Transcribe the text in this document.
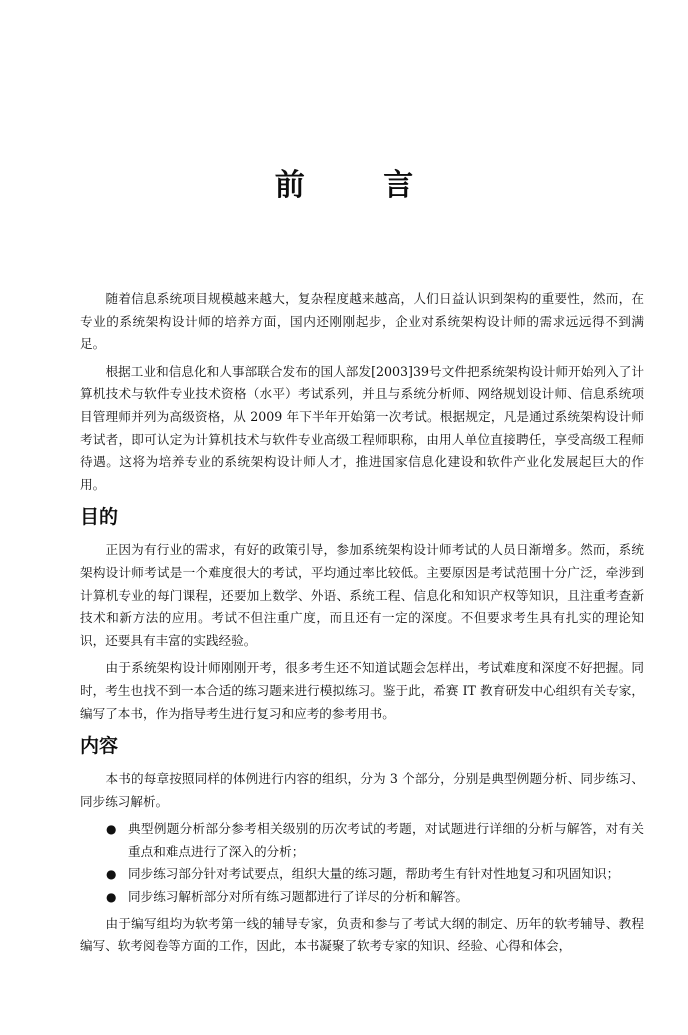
前 言

随着信息系统项目规模越来越大，复杂程度越来越高，人们日益认识到架构的重要性，然而，在专业的系统架构设计师的培养方面，国内还刚刚起步，企业对系统架构设计师的需求远远得不到满足。

根据工业和信息化和人事部联合发布的国人部发[2003]39号文件把系统架构设计师开始列入了计算机技术与软件专业技术资格（水平）考试系列，并且与系统分析师、网络规划设计师、信息系统项目管理师并列为高级资格，从 2009 年下半年开始第一次考试。根据规定，凡是通过系统架构设计师考试者，即可认定为计算机技术与软件专业高级工程师职称，由用人单位直接聘任，享受高级工程师待遇。这将为培养专业的系统架构设计师人才，推进国家信息化建设和软件产业化发展起巨大的作用。

目的

正因为有行业的需求，有好的政策引导，参加系统架构设计师考试的人员日渐增多。然而，系统架构设计师考试是一个难度很大的考试，平均通过率比较低。主要原因是考试范围十分广泛，牵涉到计算机专业的每门课程，还要加上数学、外语、系统工程、信息化和知识产权等知识，且注重考查新技术和新方法的应用。考试不但注重广度，而且还有一定的深度。不但要求考生具有扎实的理论知识，还要具有丰富的实践经验。

由于系统架构设计师刚刚开考，很多考生还不知道试题会怎样出，考试难度和深度不好把握。同时，考生也找不到一本合适的练习题来进行模拟练习。鉴于此，希赛 IT 教育研发中心组织有关专家，编写了本书，作为指导考生进行复习和应考的参考用书。

内容

本书的每章按照同样的体例进行内容的组织，分为 3 个部分，分别是典型例题分析、同步练习、同步练习解析。

● 典型例题分析部分参考相关级别的历次考试的考题，对试题进行详细的分析与解答，对有关重点和难点进行了深入的分析；
● 同步练习部分针对考试要点，组织大量的练习题，帮助考生有针对性地复习和巩固知识；
● 同步练习解析部分对所有练习题都进行了详尽的分析和解答。

由于编写组均为软考第一线的辅导专家，负责和参与了考试大纲的制定、历年的软考辅导、教程编写、软考阅卷等方面的工作，因此，本书凝聚了软考专家的知识、经验、心得和体会，
